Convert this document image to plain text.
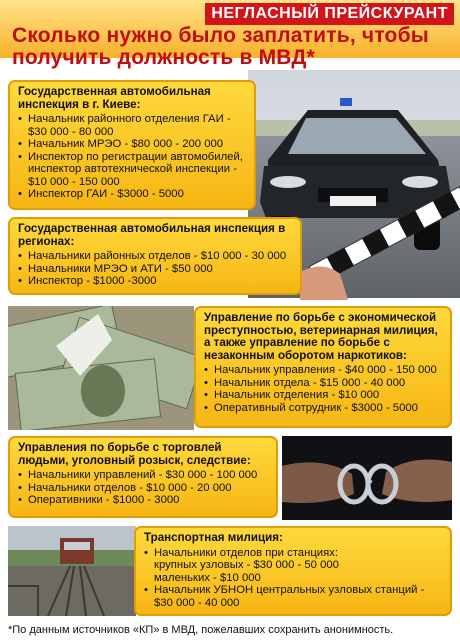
НЕГЛАСНЫЙ ПРЕЙСКУРАНТ
Сколько нужно было заплатить, чтобы получить должность в МВД*
Государственная автомобильная инспекция в г. Киеве:
• Начальник районного отделения ГАИ - $30 000 - 80 000
• Начальник МРЭО - $80 000 - 200 000
• Инспектор по регистрации автомобилей, инспектор автотехнической инспекции - $10 000 - 150 000
• Инспектор ГАИ - $3000 - 5000
Государственная автомобильная инспекция в регионах:
• Начальники районных отделов - $10 000 - 30 000
• Начальники МРЭО и АТИ - $50 000
• Инспектор - $1000 -3000
Управление по борьбе с экономической преступностью, ветеринарная милиция, а также управление по борьбе с незаконным оборотом наркотиков:
• Начальник управления - $40 000 - 150 000
• Начальник отдела - $15 000 - 40 000
• Начальник отделения - $10 000
• Оперативный сотрудник - $3000 - 5000
Управления по борьбе с торговлей людьми, уголовный розыск, следствие:
• Начальники управлений - $30 000 - 100 000
• Начальники отделов - $10 000 - 20 000
• Оперативники - $1000 - 3000
Транспортная милиция:
• Начальники отделов при станциях:
крупных узловых - $30 000 - 50 000
маленьких - $10 000
• Начальник УБНОН центральных узловых станций - $30 000 - 40 000
*По данным источников «КП» в МВД, пожелавших сохранить анонимность.
